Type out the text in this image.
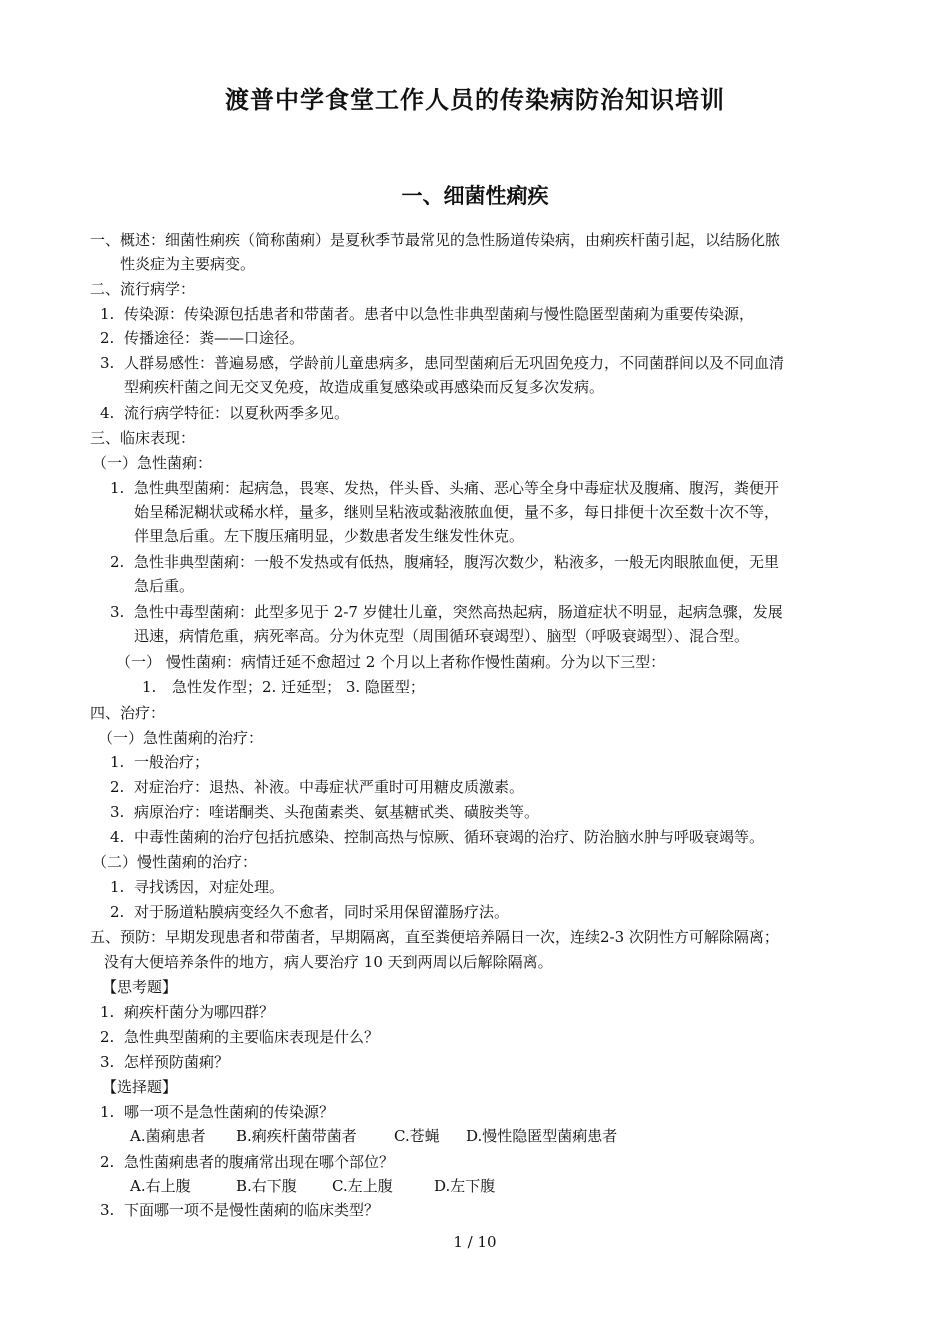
渡普中学食堂工作人员的传染病防治知识培训
一、细菌性痢疾
一、概述：细菌性痢疾（简称菌痢）是夏秋季节最常见的急性肠道传染病，由痢疾杆菌引起，以结肠化脓
性炎症为主要病变。
二、流行病学：
1. 传染源：传染源包括患者和带菌者。患者中以急性非典型菌痢与慢性隐匿型菌痢为重要传染源，
2. 传播途径：粪——口途径。
3. 人群易感性：普遍易感，学龄前儿童患病多，患同型菌痢后无巩固免疫力，不同菌群间以及不同血清
型痢疾杆菌之间无交叉免疫，故造成重复感染或再感染而反复多次发病。
4. 流行病学特征：以夏秋两季多见。
三、临床表现：
（一）急性菌痢：
1. 急性典型菌痢：起病急，畏寒、发热，伴头昏、头痛、恶心等全身中毒症状及腹痛、腹泻，粪便开
始呈稀泥糊状或稀水样，量多，继则呈粘液或黏液脓血便，量不多，每日排便十次至数十次不等，
伴里急后重。左下腹压痛明显，少数患者发生继发性休克。
2. 急性非典型菌痢：一般不发热或有低热，腹痛轻，腹泻次数少，粘液多，一般无肉眼脓血便，无里
急后重。
3. 急性中毒型菌痢：此型多见于 2-7 岁健壮儿童，突然高热起病，肠道症状不明显，起病急骤，发展
迅速，病情危重，病死率高。分为休克型（周围循环衰竭型）、脑型（呼吸衰竭型）、混合型。
（一） 慢性菌痢：病情迁延不愈超过 2 个月以上者称作慢性菌痢。分为以下三型：
1. 急性发作型；2. 迁延型； 3. 隐匿型；
四、治疗：
（一）急性菌痢的治疗：
1. 一般治疗；
2. 对症治疗：退热、补液。中毒症状严重时可用糖皮质激素。
3. 病原治疗：喹诺酮类、头孢菌素类、氨基糖甙类、磺胺类等。
4. 中毒性菌痢的治疗包括抗感染、控制高热与惊厥、循环衰竭的治疗、防治脑水肿与呼吸衰竭等。
（二）慢性菌痢的治疗：
1. 寻找诱因，对症处理。
2. 对于肠道粘膜病变经久不愈者，同时采用保留灌肠疗法。
五、预防：早期发现患者和带菌者，早期隔离，直至粪便培养隔日一次，连续2-3 次阴性方可解除隔离；
没有大便培养条件的地方，病人要治疗 10 天到两周以后解除隔离。
【思考题】
1. 痢疾杆菌分为哪四群？
2. 急性典型菌痢的主要临床表现是什么？
3. 怎样预防菌痢？
【选择题】
1. 哪一项不是急性菌痢的传染源？
A.菌痢患者 B.痢疾杆菌带菌者 C.苍蝇 D.慢性隐匿型菌痢患者
2. 急性菌痢患者的腹痛常出现在哪个部位？
A.右上腹	B.右下腹 C.左上腹	D.左下腹
3. 下面哪一项不是慢性菌痢的临床类型？
1 / 10
